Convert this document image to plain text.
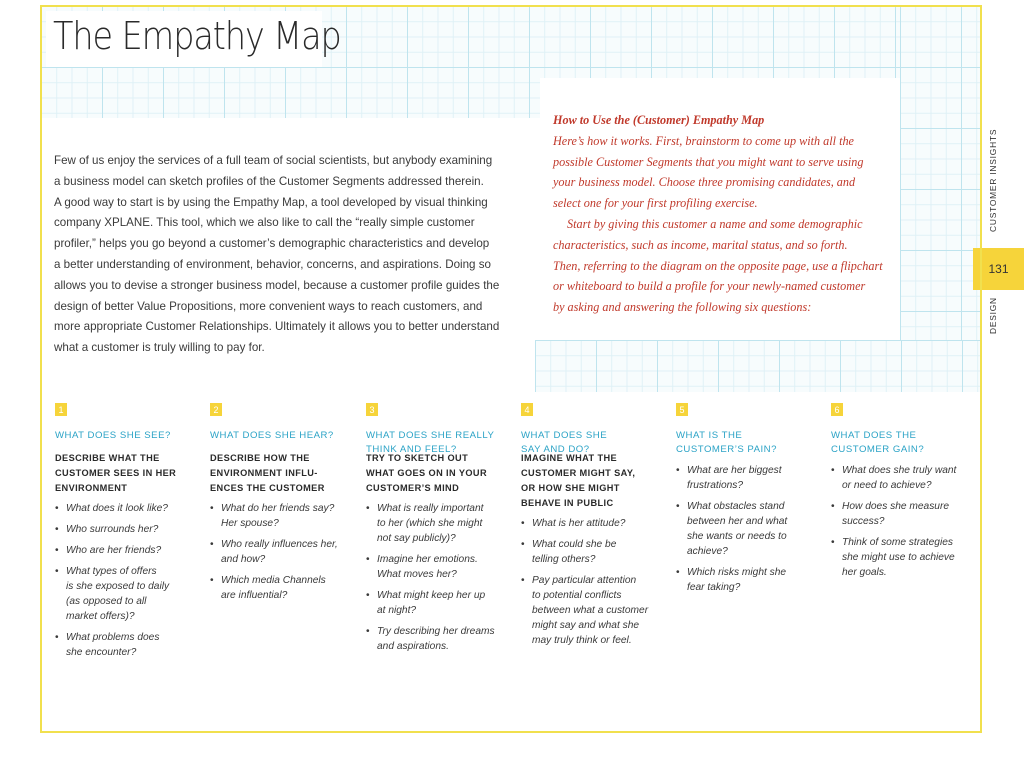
The Empathy Map

Few of us enjoy the services of a full team of social scientists, but anybody examining

a business model can sketch profiles of the Customer Segments addressed therein.

A good way to start is by using the Empathy Map, a tool developed by visual thinking

company XPLANE. This tool, which we also like to call the “really simple customer

profiler,” helps you go beyond a customer’s demographic characteristics and develop

a better understanding of environment, behavior, concerns, and aspirations. Doing so

allows you to devise a stronger business model, because a customer profile guides the

design of better Value Propositions, more convenient ways to reach customers, and

more appropriate Customer Relationships. Ultimately it allows you to better understand

what a customer is truly willing to pay for.

How to Use the (Customer) Empathy Map

Here’s how it works. First, brainstorm to come up with all the

possible Customer Segments that you might want to serve using

your business model. Choose three promising candidates, and

select one for your first profiling exercise.

Start by giving this customer a name and some demographic

characteristics, such as income, marital status, and so forth.

Then, referring to the diagram on the opposite page, use a flipchart

or whiteboard to build a profile for your newly-named customer

by asking and answering the following six questions:

CUSTOMER INSIGHTS
131
DESIGN
1
WHAT DOES SHE SEE?
DESCRIBE WHAT THE
CUSTOMER SEES IN HER
ENVIRONMENT
• What does it look like?
• Who surrounds her?
• Who are her friends?
• What types of offers
is she exposed to daily
(as opposed to all
market offers)?
• What problems does
she encounter?
2
WHAT DOES SHE HEAR?
DESCRIBE HOW THE
ENVIRONMENT INFLU-
ENCES THE CUSTOMER
• What do her friends say?
Her spouse?
• Who really influences her,
and how?
• Which media Channels
are influential?
3
WHAT DOES SHE REALLY
THINK AND FEEL?
TRY TO SKETCH OUT
WHAT GOES ON IN YOUR
CUSTOMER’S MIND
• What is really important
to her (which she might
not say publicly)?
• Imagine her emotions.
What moves her?
• What might keep her up
at night?
• Try describing her dreams
and aspirations.
4
WHAT DOES SHE
SAY AND DO?
IMAGINE WHAT THE
CUSTOMER MIGHT SAY,
OR HOW SHE MIGHT
BEHAVE IN PUBLIC
• What is her attitude?
• What could she be
telling others?
• Pay particular attention
to potential conflicts
between what a customer
might say and what she
may truly think or feel.
5
WHAT IS THE
CUSTOMER’S PAIN?
• What are her biggest
frustrations?
• What obstacles stand
between her and what
she wants or needs to
achieve?
• Which risks might she
fear taking?
6
WHAT DOES THE
CUSTOMER GAIN?
• What does she truly want
or need to achieve?
• How does she measure
success?
• Think of some strategies
she might use to achieve
her goals.
